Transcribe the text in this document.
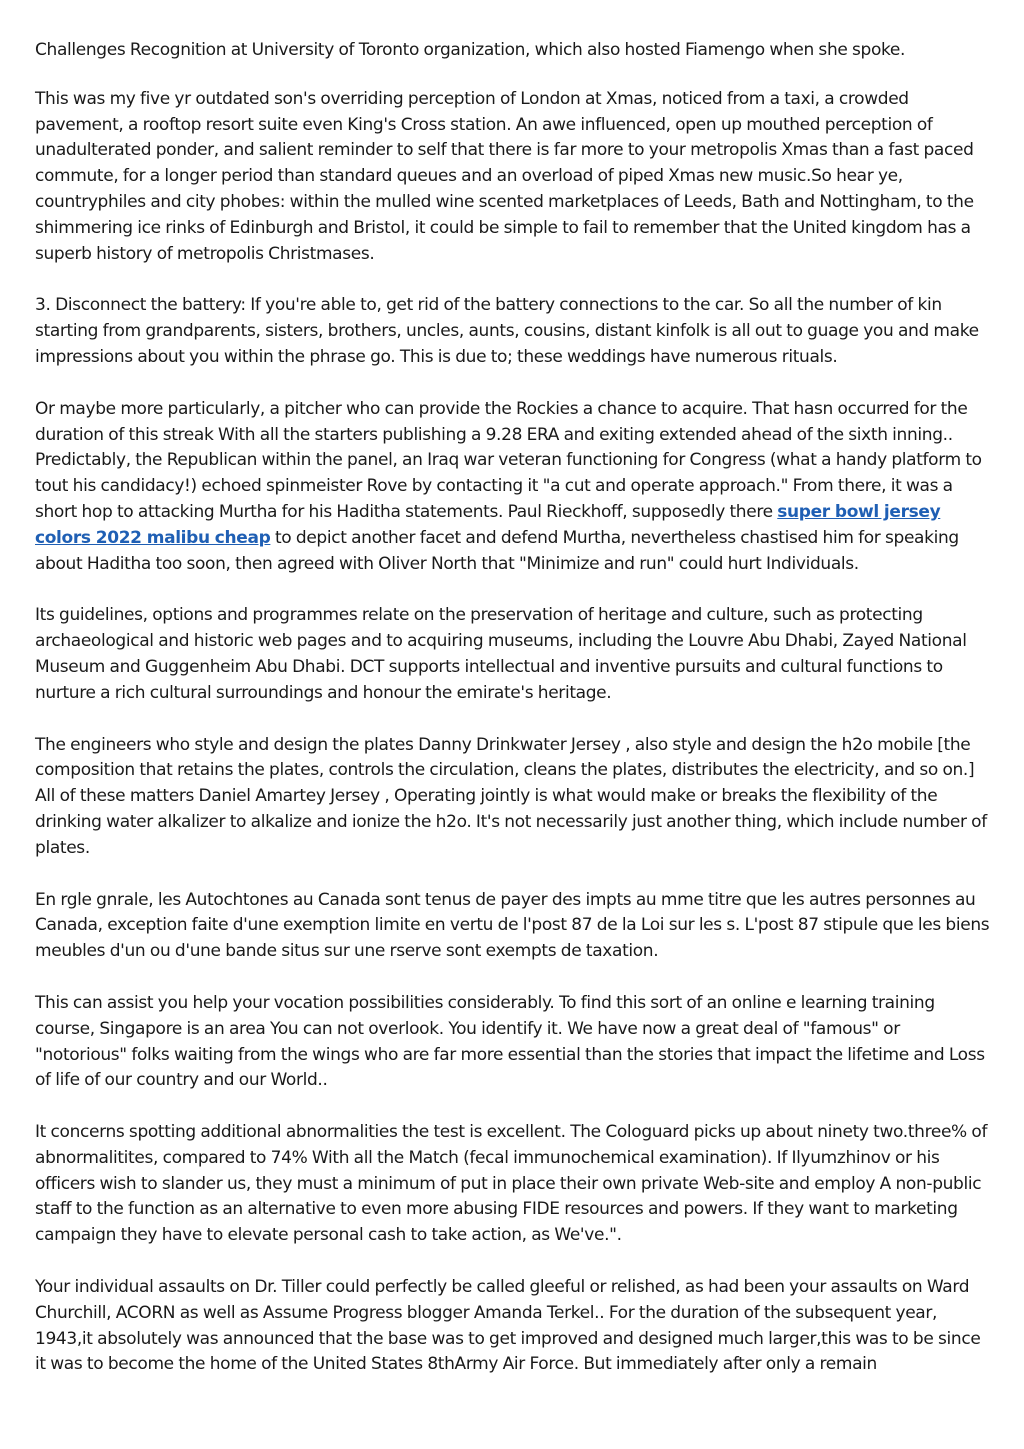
Challenges Recognition at University of Toronto organization, which also hosted Fiamengo when she spoke.

This was my five yr outdated son's overriding perception of London at Xmas, noticed from a taxi, a crowded pavement, a rooftop resort suite even King's Cross station. An awe influenced, open up mouthed perception of unadulterated ponder, and salient reminder to self that there is far more to your metropolis Xmas than a fast paced commute, for a longer period than standard queues and an overload of piped Xmas new music.So hear ye, countryphiles and city phobes: within the mulled wine scented marketplaces of Leeds, Bath and Nottingham, to the shimmering ice rinks of Edinburgh and Bristol, it could be simple to fail to remember that the United kingdom has a superb history of metropolis Christmases.

3. Disconnect the battery: If you're able to, get rid of the battery connections to the car. So all the number of kin starting from grandparents, sisters, brothers, uncles, aunts, cousins, distant kinfolk is all out to guage you and make impressions about you within the phrase go. This is due to; these weddings have numerous rituals.

Or maybe more particularly, a pitcher who can provide the Rockies a chance to acquire. That hasn occurred for the duration of this streak With all the starters publishing a 9.28 ERA and exiting extended ahead of the sixth inning.. Predictably, the Republican within the panel, an Iraq war veteran functioning for Congress (what a handy platform to tout his candidacy!) echoed spinmeister Rove by contacting it "a cut and operate approach." From there, it was a short hop to attacking Murtha for his Haditha statements. Paul Rieckhoff, supposedly there super bowl jersey colors 2022 malibu cheap to depict another facet and defend Murtha, nevertheless chastised him for speaking about Haditha too soon, then agreed with Oliver North that "Minimize and run" could hurt Individuals.

Its guidelines, options and programmes relate on the preservation of heritage and culture, such as protecting archaeological and historic web pages and to acquiring museums, including the Louvre Abu Dhabi, Zayed National Museum and Guggenheim Abu Dhabi. DCT supports intellectual and inventive pursuits and cultural functions to nurture a rich cultural surroundings and honour the emirate's heritage.

The engineers who style and design the plates Danny Drinkwater Jersey , also style and design the h2o mobile [the composition that retains the plates, controls the circulation, cleans the plates, distributes the electricity, and so on.] All of these matters Daniel Amartey Jersey , Operating jointly is what would make or breaks the flexibility of the drinking water alkalizer to alkalize and ionize the h2o. It's not necessarily just another thing, which include number of plates.

En rgle gnrale, les Autochtones au Canada sont tenus de payer des impts au mme titre que les autres personnes au Canada, exception faite d'une exemption limite en vertu de l'post 87 de la Loi sur les s. L'post 87 stipule que les biens meubles d'un ou d'une bande situs sur une rserve sont exempts de taxation.

This can assist you help your vocation possibilities considerably. To find this sort of an online e learning training course, Singapore is an area You can not overlook. You identify it. We have now a great deal of "famous" or "notorious" folks waiting from the wings who are far more essential than the stories that impact the lifetime and Loss of life of our country and our World..

It concerns spotting additional abnormalities the test is excellent. The Cologuard picks up about ninety two.three% of abnormalitites, compared to 74% With all the Match (fecal immunochemical examination). If Ilyumzhinov or his officers wish to slander us, they must a minimum of put in place their own private Web-site and employ A non-public staff to the function as an alternative to even more abusing FIDE resources and powers. If they want to marketing campaign they have to elevate personal cash to take action, as We've.".

Your individual assaults on Dr. Tiller could perfectly be called gleeful or relished, as had been your assaults on Ward Churchill, ACORN as well as Assume Progress blogger Amanda Terkel.. For the duration of the subsequent year, 1943,it absolutely was announced that the base was to get improved and designed much larger,this was to be since it was to become the home of the United States 8thArmy Air Force. But immediately after only a remain
